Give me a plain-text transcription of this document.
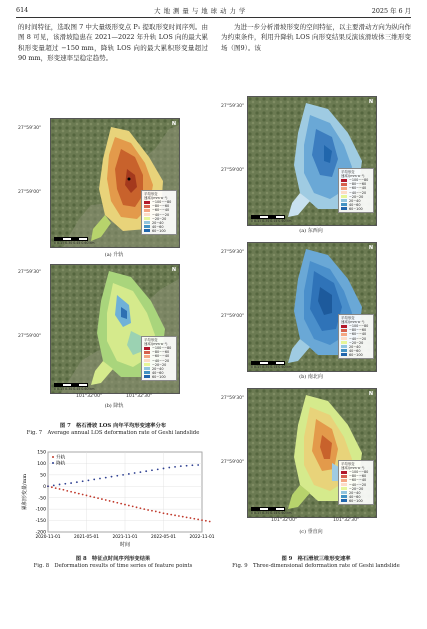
614	大 地 测 量 与 地 球 动 力 学	2025 年 6 月

的时间特征，选取图 7 中大量级形变点 P₁ 提取形变时间序列。由图 8 可见，该滑坡隐患在 2021—2022 年升轨 LOS 向的最大累积形变量超过 −150 mm，降轨 LOS 向的最大累积形变量超过 90 mm，形变速率呈稳定趋势。

为进一步分析滑坡形变的空间特征，以主要滑动方向为纵向作为约束条件，利用升降轨 LOS 向形变结果反演该滑坡体三维形变场（图9）。该

N
平均形变
速率/(mm·a⁻¹)
−100~−80
−80~−60
−60~−40
−40~−20
−20~20
20~40
40~60
60~100
0 0.15 0.30 0.45 0.60 km
27°59'30"
27°59'00"
(a) 升轨
N
平均形变
速率/(mm·a⁻¹)
−100~−80
−80~−60
−60~−40
−40~−20
−20~20
20~40
40~60
60~100
0 0.15 0.30 0.45 0.60 km
27°59'30"
27°59'00"
101°32'00"	101°32'30"
(b) 降轨
图 7　格石滑坡 LOS 向年平均形变速率分布
Fig. 7　Average annual LOS deformation rate of Geshi landslide
150
100
50
0
-50
-100
-150
-200
2020-11-01	2021-05-01	2021-11-01	2022-05-01	2022-11-01
时间
累积形变量/mm
升轨
降轨
图 8　特征点时间序列形变结果
Fig. 8　Deformation results of time series of feature points
N
平均形变
速率/(mm·a⁻¹)
−100~−80
−80~−60
−60~−40
−40~−20
−20~20
20~40
40~60
60~100
0 0.15 0.30 0.45 0.60 km
27°59'30"
27°59'00"
(a) 东西向
N
平均形变
速率/(mm·a⁻¹)
−100~−80
−80~−60
−60~−40
−40~−20
−20~20
20~40
40~60
60~100
0 0.15 0.30 0.45 0.60 km
27°59'30"
27°59'00"
(b) 南北向
N
平均形变
速率/(mm·a⁻¹)
−100~−80
−80~−60
−60~−40
−40~−20
−20~20
20~40
40~60
60~100
0 0.15 0.30 0.45 0.60 km
27°59'30"
27°59'00"
101°32'00"	101°32'30"
(c) 垂直向
图 9　格石滑坡三维形变速率
Fig. 9　Three-dimensional deformation rate of Geshi landslide
